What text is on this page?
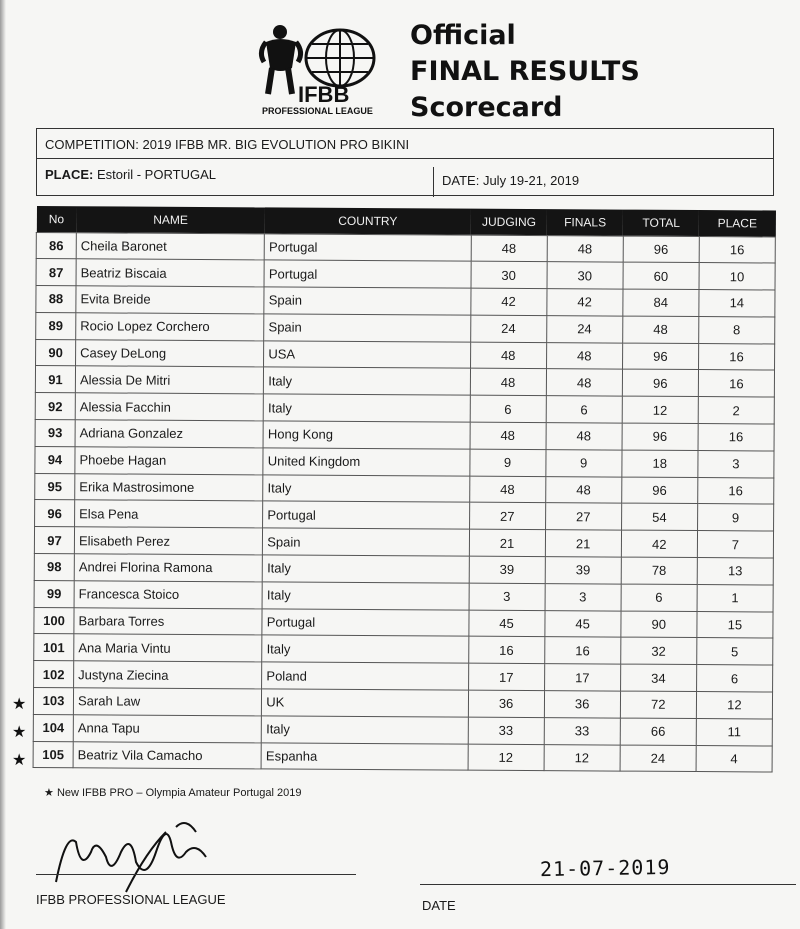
IFBB
PROFESSIONAL LEAGUE
Official
FINAL RESULTS
Scorecard
COMPETITION: 2019 IFBB MR. BIG EVOLUTION PRO BIKINI
PLACE: Estoril - PORTUGAL	DATE: July 19-21, 2019
No	NAME	COUNTRY	JUDGING	FINALS	TOTAL	PLACE
86	Cheila Baronet	Portugal	48	48	96	16
87	Beatriz Biscaia	Portugal	30	30	60	10
88	Evita Breide	Spain	42	42	84	14
89	Rocio Lopez Corchero	Spain	24	24	48	8
90	Casey DeLong	USA	48	48	96	16
91	Alessia De Mitri	Italy	48	48	96	16
92	Alessia Facchin	Italy	6	6	12	2
93	Adriana Gonzalez	Hong Kong	48	48	96	16
94	Phoebe Hagan	United Kingdom	9	9	18	3
95	Erika Mastrosimone	Italy	48	48	96	16
96	Elsa Pena	Portugal	27	27	54	9
97	Elisabeth Perez	Spain	21	21	42	7
98	Andrei Florina Ramona	Italy	39	39	78	13
99	Francesca Stoico	Italy	3	3	6	1
100	Barbara Torres	Portugal	45	45	90	15
101	Ana Maria Vintu	Italy	16	16	32	5
102	Justyna Ziecina	Poland	17	17	34	6
103	Sarah Law	UK	36	36	72	12
104	Anna Tapu	Italy	33	33	66	11
105	Beatriz Vila Camacho	Espanha	12	12	24	4
★
★
★
★ New IFBB PRO – Olympia Amateur Portugal 2019
IFBB PROFESSIONAL LEAGUE
21-07-2019
DATE
